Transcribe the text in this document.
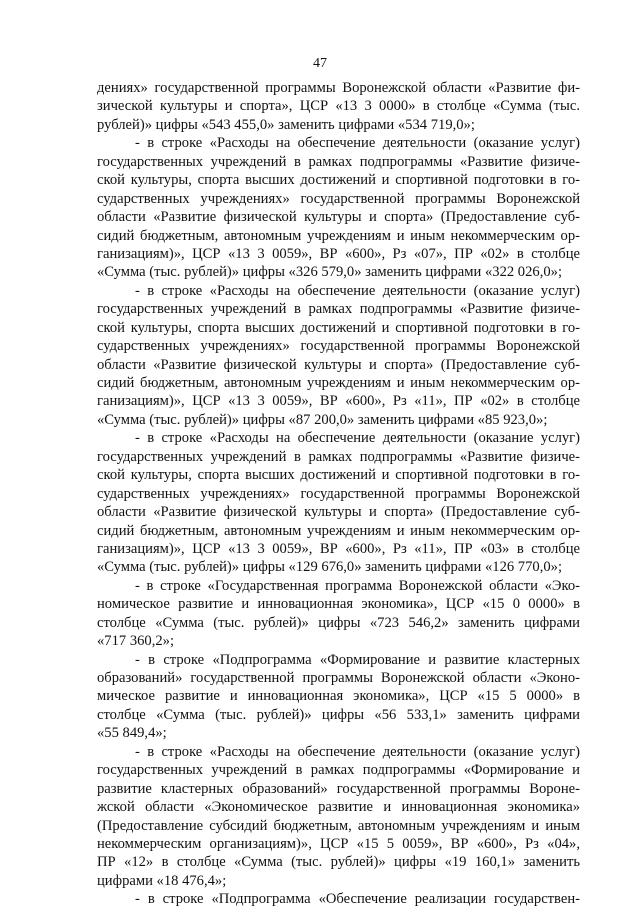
47
дениях» государственной программы Воронежской области «Развитие фи-
зической культуры и спорта», ЦСР «13 3 0000» в столбце «Сумма (тыс.
рублей)» цифры «543 455,0» заменить цифрами «534 719,0»;
- в строке «Расходы на обеспечение деятельности (оказание услуг)
государственных учреждений в рамках подпрограммы «Развитие физиче-
ской культуры, спорта высших достижений и спортивной подготовки в го-
сударственных учреждениях» государственной программы Воронежской
области «Развитие физической культуры и спорта» (Предоставление суб-
сидий бюджетным, автономным учреждениям и иным некоммерческим ор-
ганизациям)», ЦСР «13 3 0059», ВР «600», Рз «07», ПР «02» в столбце
«Сумма (тыс. рублей)» цифры «326 579,0» заменить цифрами «322 026,0»;
- в строке «Расходы на обеспечение деятельности (оказание услуг)
государственных учреждений в рамках подпрограммы «Развитие физиче-
ской культуры, спорта высших достижений и спортивной подготовки в го-
сударственных учреждениях» государственной программы Воронежской
области «Развитие физической культуры и спорта» (Предоставление суб-
сидий бюджетным, автономным учреждениям и иным некоммерческим ор-
ганизациям)», ЦСР «13 3 0059», ВР «600», Рз «11», ПР «02» в столбце
«Сумма (тыс. рублей)» цифры «87 200,0» заменить цифрами «85 923,0»;
- в строке «Расходы на обеспечение деятельности (оказание услуг)
государственных учреждений в рамках подпрограммы «Развитие физиче-
ской культуры, спорта высших достижений и спортивной подготовки в го-
сударственных учреждениях» государственной программы Воронежской
области «Развитие физической культуры и спорта» (Предоставление суб-
сидий бюджетным, автономным учреждениям и иным некоммерческим ор-
ганизациям)», ЦСР «13 3 0059», ВР «600», Рз «11», ПР «03» в столбце
«Сумма (тыс. рублей)» цифры «129 676,0» заменить цифрами «126 770,0»;
- в строке «Государственная программа Воронежской области «Эко-
номическое развитие и инновационная экономика», ЦСР «15 0 0000» в
столбце «Сумма (тыс. рублей)» цифры «723 546,2» заменить цифрами
«717 360,2»;
- в строке «Подпрограмма «Формирование и развитие кластерных
образований» государственной программы Воронежской области «Эконо-
мическое развитие и инновационная экономика», ЦСР «15 5 0000» в
столбце «Сумма (тыс. рублей)» цифры «56 533,1» заменить цифрами
«55 849,4»;
- в строке «Расходы на обеспечение деятельности (оказание услуг)
государственных учреждений в рамках подпрограммы «Формирование и
развитие кластерных образований» государственной программы Вороне-
жской области «Экономическое развитие и инновационная экономика»
(Предоставление субсидий бюджетным, автономным учреждениям и иным
некоммерческим организациям)», ЦСР «15 5 0059», ВР «600», Рз «04»,
ПР «12» в столбце «Сумма (тыс. рублей)» цифры «19 160,1» заменить
цифрами «18 476,4»;
- в строке «Подпрограмма «Обеспечение реализации государствен-
